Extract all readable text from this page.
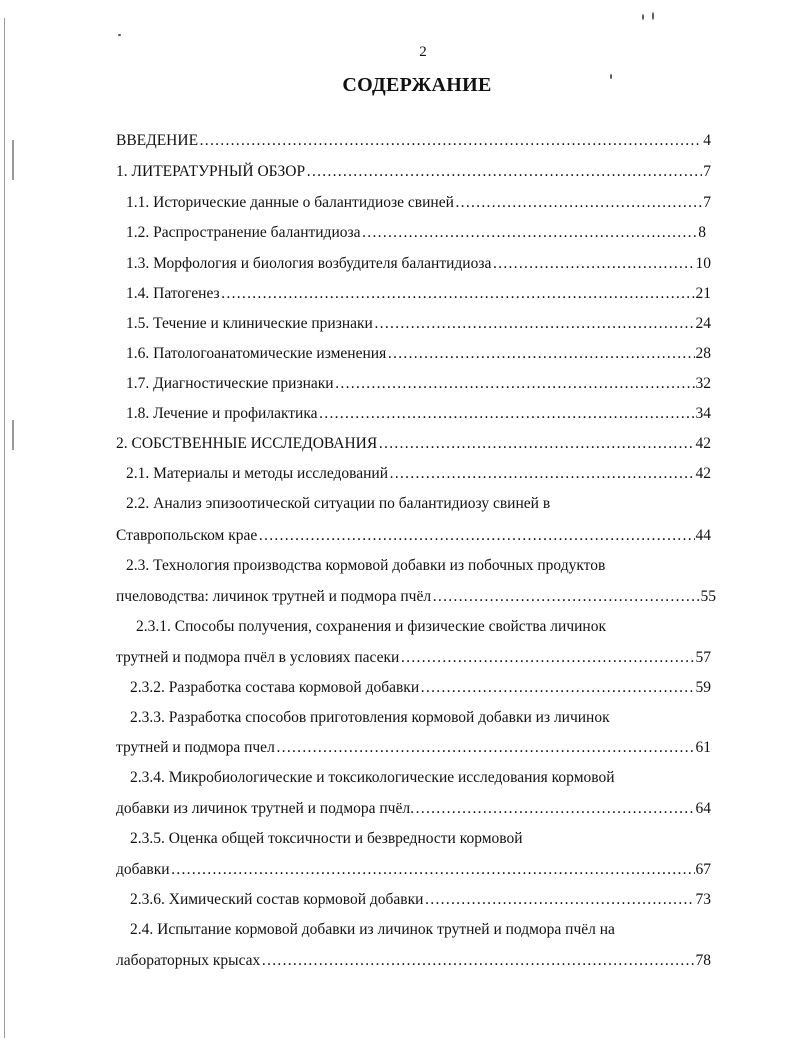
2
СОДЕРЖАНИЕ
ВВЕДЕНИЕ …………………………………………………………………………………………………………………………………………………………………………………………………………	4
1. ЛИТЕРАТУРНЫЙ ОБЗОР …………………………………………………………………………………………………………………………………………………………………………………………………………	7
1.1. Исторические данные о балантидиозе свиней …………………………………………………………………………………………………………………………………………………………………………………………………………	7
1.2. Распространение балантидиоза …………………………………………………………………………………………………………………………………………………………………………………………………………	8
1.3. Морфология и биология возбудителя балантидиоза …………………………………………………………………………………………………………………………………………………………………………………………………………	10
1.4. Патогенез …………………………………………………………………………………………………………………………………………………………………………………………………………	21
1.5. Течение и клинические признаки …………………………………………………………………………………………………………………………………………………………………………………………………………	24
1.6. Патологоанатомические изменения …………………………………………………………………………………………………………………………………………………………………………………………………………	28
1.7. Диагностические признаки …………………………………………………………………………………………………………………………………………………………………………………………………………	32
1.8. Лечение и профилактика …………………………………………………………………………………………………………………………………………………………………………………………………………	34
2. СОБСТВЕННЫЕ ИССЛЕДОВАНИЯ …………………………………………………………………………………………………………………………………………………………………………………………………………	42
2.1. Материалы и методы исследований …………………………………………………………………………………………………………………………………………………………………………………………………………	42
2.2. Анализ эпизоотической ситуации по балантидиозу свиней в
Ставропольском крае …………………………………………………………………………………………………………………………………………………………………………………………………………	44
2.3. Технология производства кормовой добавки из побочных продуктов
пчеловодства: личинок трутней и подмора пчёл …………………………………………………………………………………………………………………………………………………………………………………………………………	55
2.3.1. Способы получения, сохранения и физические свойства личинок
трутней и подмора пчёл в условиях пасеки …………………………………………………………………………………………………………………………………………………………………………………………………………	57
2.3.2. Разработка состава кормовой добавки …………………………………………………………………………………………………………………………………………………………………………………………………………	59
2.3.3. Разработка способов приготовления кормовой добавки из личинок
трутней и подмора пчел …………………………………………………………………………………………………………………………………………………………………………………………………………	61
2.3.4. Микробиологические и токсикологические исследования кормовой
добавки из личинок трутней и подмора пчёл. …………………………………………………………………………………………………………………………………………………………………………………………………………	64
2.3.5. Оценка общей токсичности и безвредности кормовой
добавки …………………………………………………………………………………………………………………………………………………………………………………………………………	67
2.3.6. Химический состав кормовой добавки …………………………………………………………………………………………………………………………………………………………………………………………………………	73
2.4. Испытание кормовой добавки из личинок трутней и подмора пчёл на
лабораторных крысах …………………………………………………………………………………………………………………………………………………………………………………………………………	78
